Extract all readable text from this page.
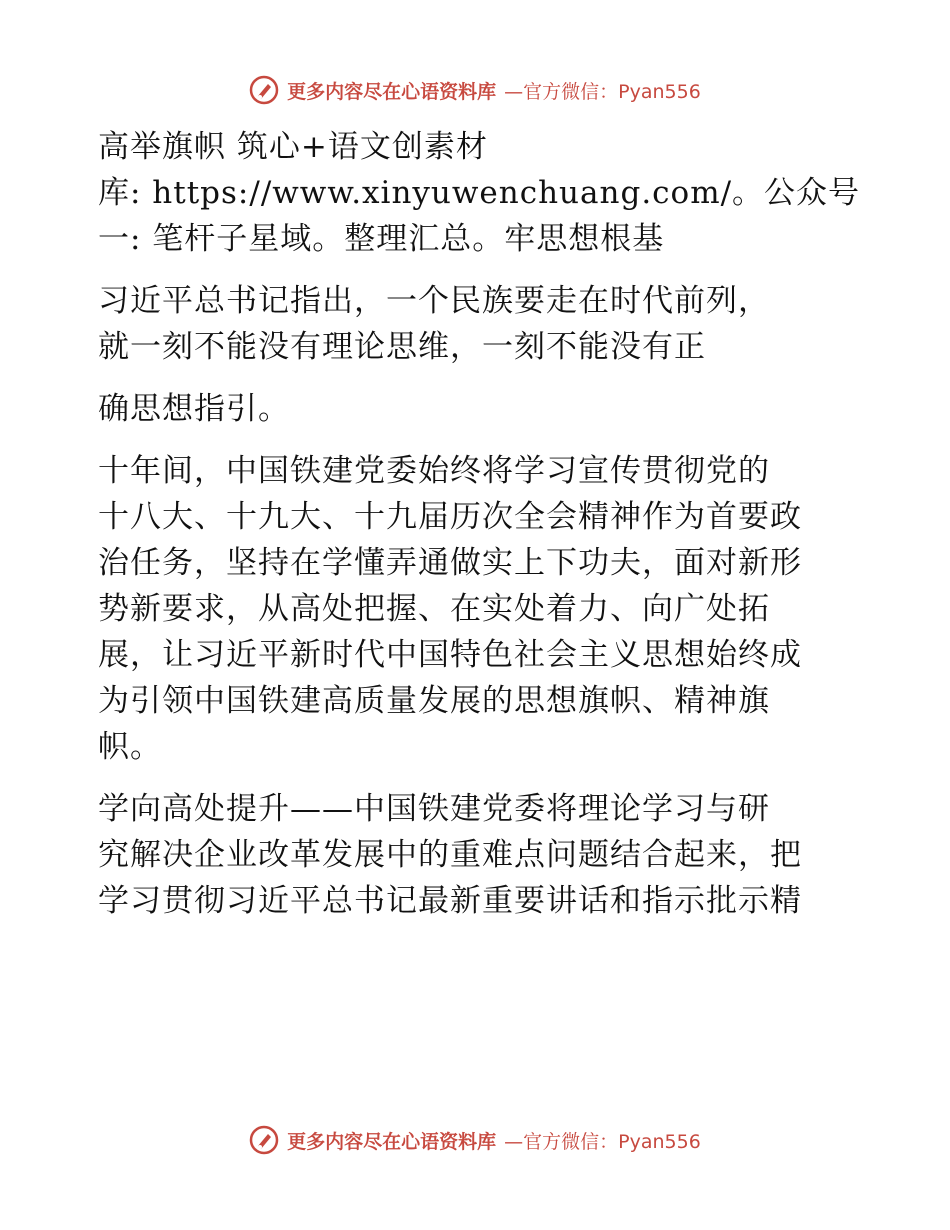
更多内容尽在心语资料库 —官方微信：Pyan556
高举旗帜 筑心+语文创素材
库: https://www.xinyuwenchuang.com/。公众号
一: 笔杆子星域。整理汇总。牢思想根基
习近平总书记指出，一个民族要走在时代前列，
就一刻不能没有理论思维，一刻不能没有正
确思想指引。
十年间，中国铁建党委始终将学习宣传贯彻党的
十八大、十九大、十九届历次全会精神作为首要政
治任务，坚持在学懂弄通做实上下功夫，面对新形
势新要求，从高处把握、在实处着力、向广处拓
展，让习近平新时代中国特色社会主义思想始终成
为引领中国铁建高质量发展的思想旗帜、精神旗
帜。
学向高处提升——中国铁建党委将理论学习与研
究解决企业改革发展中的重难点问题结合起来，把
学习贯彻习近平总书记最新重要讲话和指示批示精
更多内容尽在心语资料库 —官方微信：Pyan556
